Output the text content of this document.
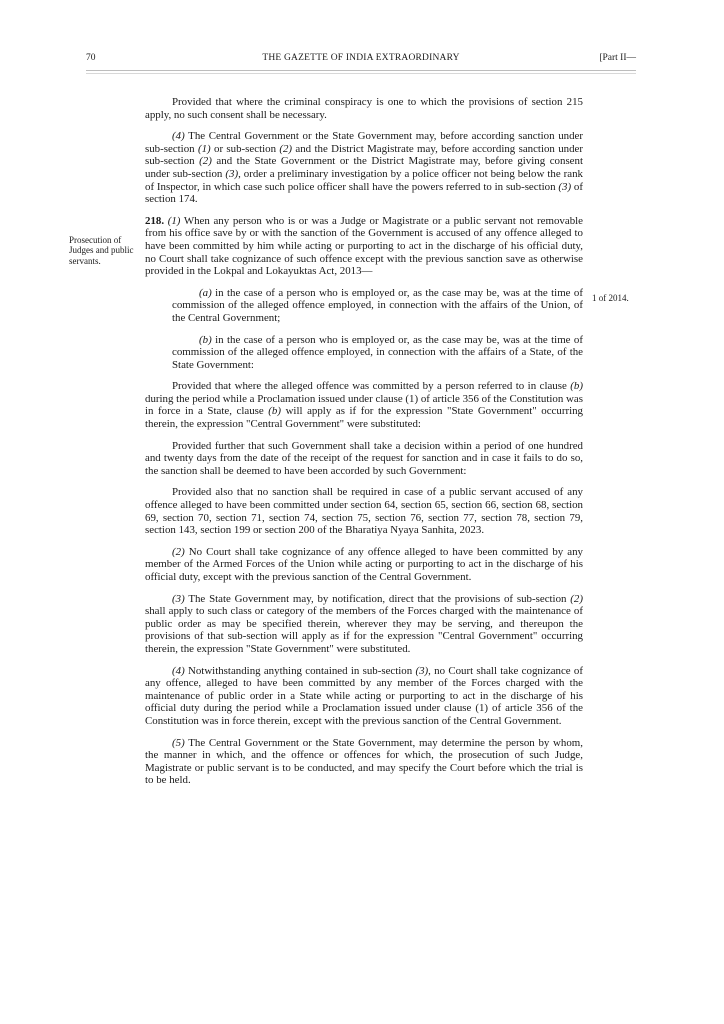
70	THE GAZETTE OF INDIA EXTRAORDINARY	[Part II—
Prosecution of Judges and public servants.
1 of 2014.

Provided that where the criminal conspiracy is one to which the provisions of section 215 apply, no such consent shall be necessary.

(4) The Central Government or the State Government may, before according sanction under sub-section (1) or sub-section (2) and the District Magistrate may, before according sanction under sub-section (2) and the State Government or the District Magistrate may, before giving consent under sub-section (3), order a preliminary investigation by a police officer not being below the rank of Inspector, in which case such police officer shall have the powers referred to in sub-section (3) of section 174.

218. (1) When any person who is or was a Judge or Magistrate or a public servant not removable from his office save by or with the sanction of the Government is accused of any offence alleged to have been committed by him while acting or purporting to act in the discharge of his official duty, no Court shall take cognizance of such offence except with the previous sanction save as otherwise provided in the Lokpal and Lokayuktas Act, 2013—

(a) in the case of a person who is employed or, as the case may be, was at the time of commission of the alleged offence employed, in connection with the affairs of the Union, of the Central Government;

(b) in the case of a person who is employed or, as the case may be, was at the time of commission of the alleged offence employed, in connection with the affairs of a State, of the State Government:

Provided that where the alleged offence was committed by a person referred to in clause (b) during the period while a Proclamation issued under clause (1) of article 356 of the Constitution was in force in a State, clause (b) will apply as if for the expression "State Government" occurring therein, the expression "Central Government" were substituted:

Provided further that such Government shall take a decision within a period of one hundred and twenty days from the date of the receipt of the request for sanction and in case it fails to do so, the sanction shall be deemed to have been accorded by such Government:

Provided also that no sanction shall be required in case of a public servant accused of any offence alleged to have been committed under section 64, section 65, section 66, section 68, section 69, section 70, section 71, section 74, section 75, section 76, section 77, section 78, section 79, section 143, section 199 or section 200 of the Bharatiya Nyaya Sanhita, 2023.

(2) No Court shall take cognizance of any offence alleged to have been committed by any member of the Armed Forces of the Union while acting or purporting to act in the discharge of his official duty, except with the previous sanction of the Central Government.

(3) The State Government may, by notification, direct that the provisions of sub-section (2) shall apply to such class or category of the members of the Forces charged with the maintenance of public order as may be specified therein, wherever they may be serving, and thereupon the provisions of that sub-section will apply as if for the expression "Central Government" occurring therein, the expression "State Government" were substituted.

(4) Notwithstanding anything contained in sub-section (3), no Court shall take cognizance of any offence, alleged to have been committed by any member of the Forces charged with the maintenance of public order in a State while acting or purporting to act in the discharge of his official duty during the period while a Proclamation issued under clause (1) of article 356 of the Constitution was in force therein, except with the previous sanction of the Central Government.

(5) The Central Government or the State Government, may determine the person by whom, the manner in which, and the offence or offences for which, the prosecution of such Judge, Magistrate or public servant is to be conducted, and may specify the Court before which the trial is to be held.
